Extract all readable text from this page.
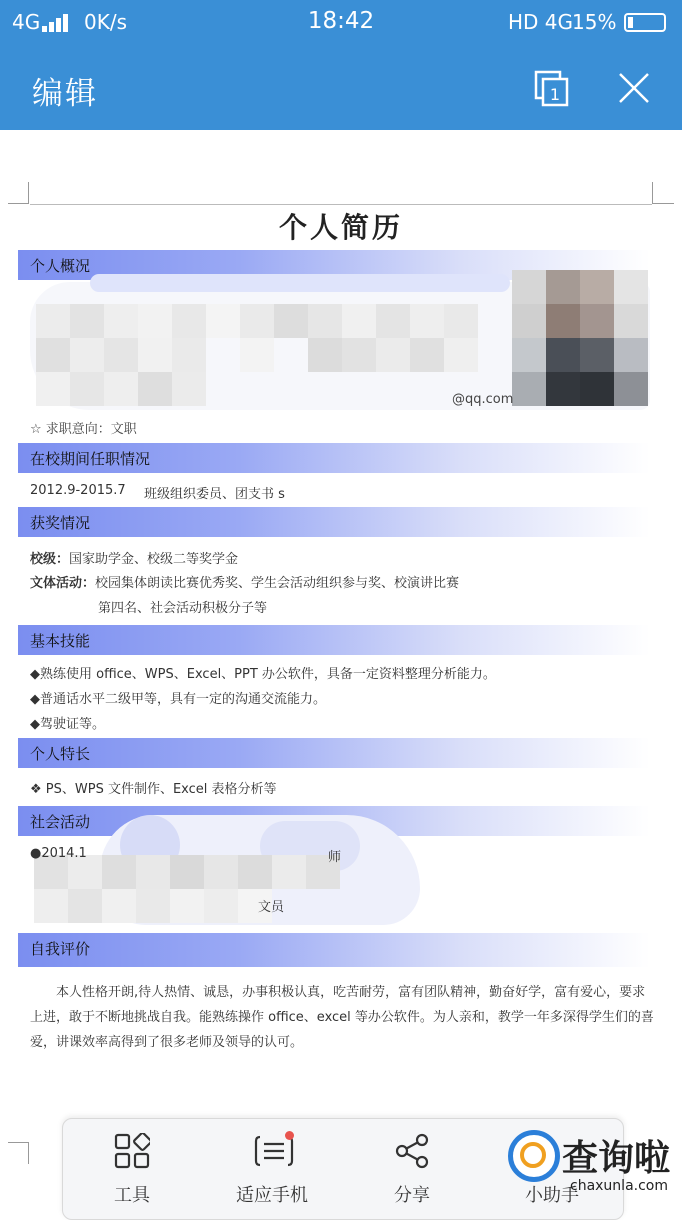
4G 0K/s	18:42	HD 4G
15%
编辑	1
个人简历
个人概况
@qq.com
☆ 求职意向：文职
在校期间任职情况
2012.9-2015.7 班级组织委员、团支书 s
获奖情况
校级：国家助学金、校级二等奖学金
文体活动：校园集体朗读比赛优秀奖、学生会活动组织参与奖、校演讲比赛
第四名、社会活动积极分子等
基本技能
◆熟练使用 office、WPS、Excel、PPT 办公软件，具备一定资料整理分析能力。
◆普通话水平二级甲等，具有一定的沟通交流能力。
◆驾驶证等。
个人特长
❖ PS、WPS 文件制作、Excel 表格分析等
社会活动
●2014.1	师
文员
自我评价
本人性格开朗,待人热情、诚恳，办事积极认真，吃苦耐劳，富有团队精神，勤奋好学，富有爱心，要求上进，敢于不断地挑战自我。能熟练操作 office、excel 等办公软件。为人亲和，教学一年多深得学生们的喜爱，讲课效率高得到了很多老师及领导的认可。
工具	适应手机	分享	小助手
查询啦
chaxunla.com
